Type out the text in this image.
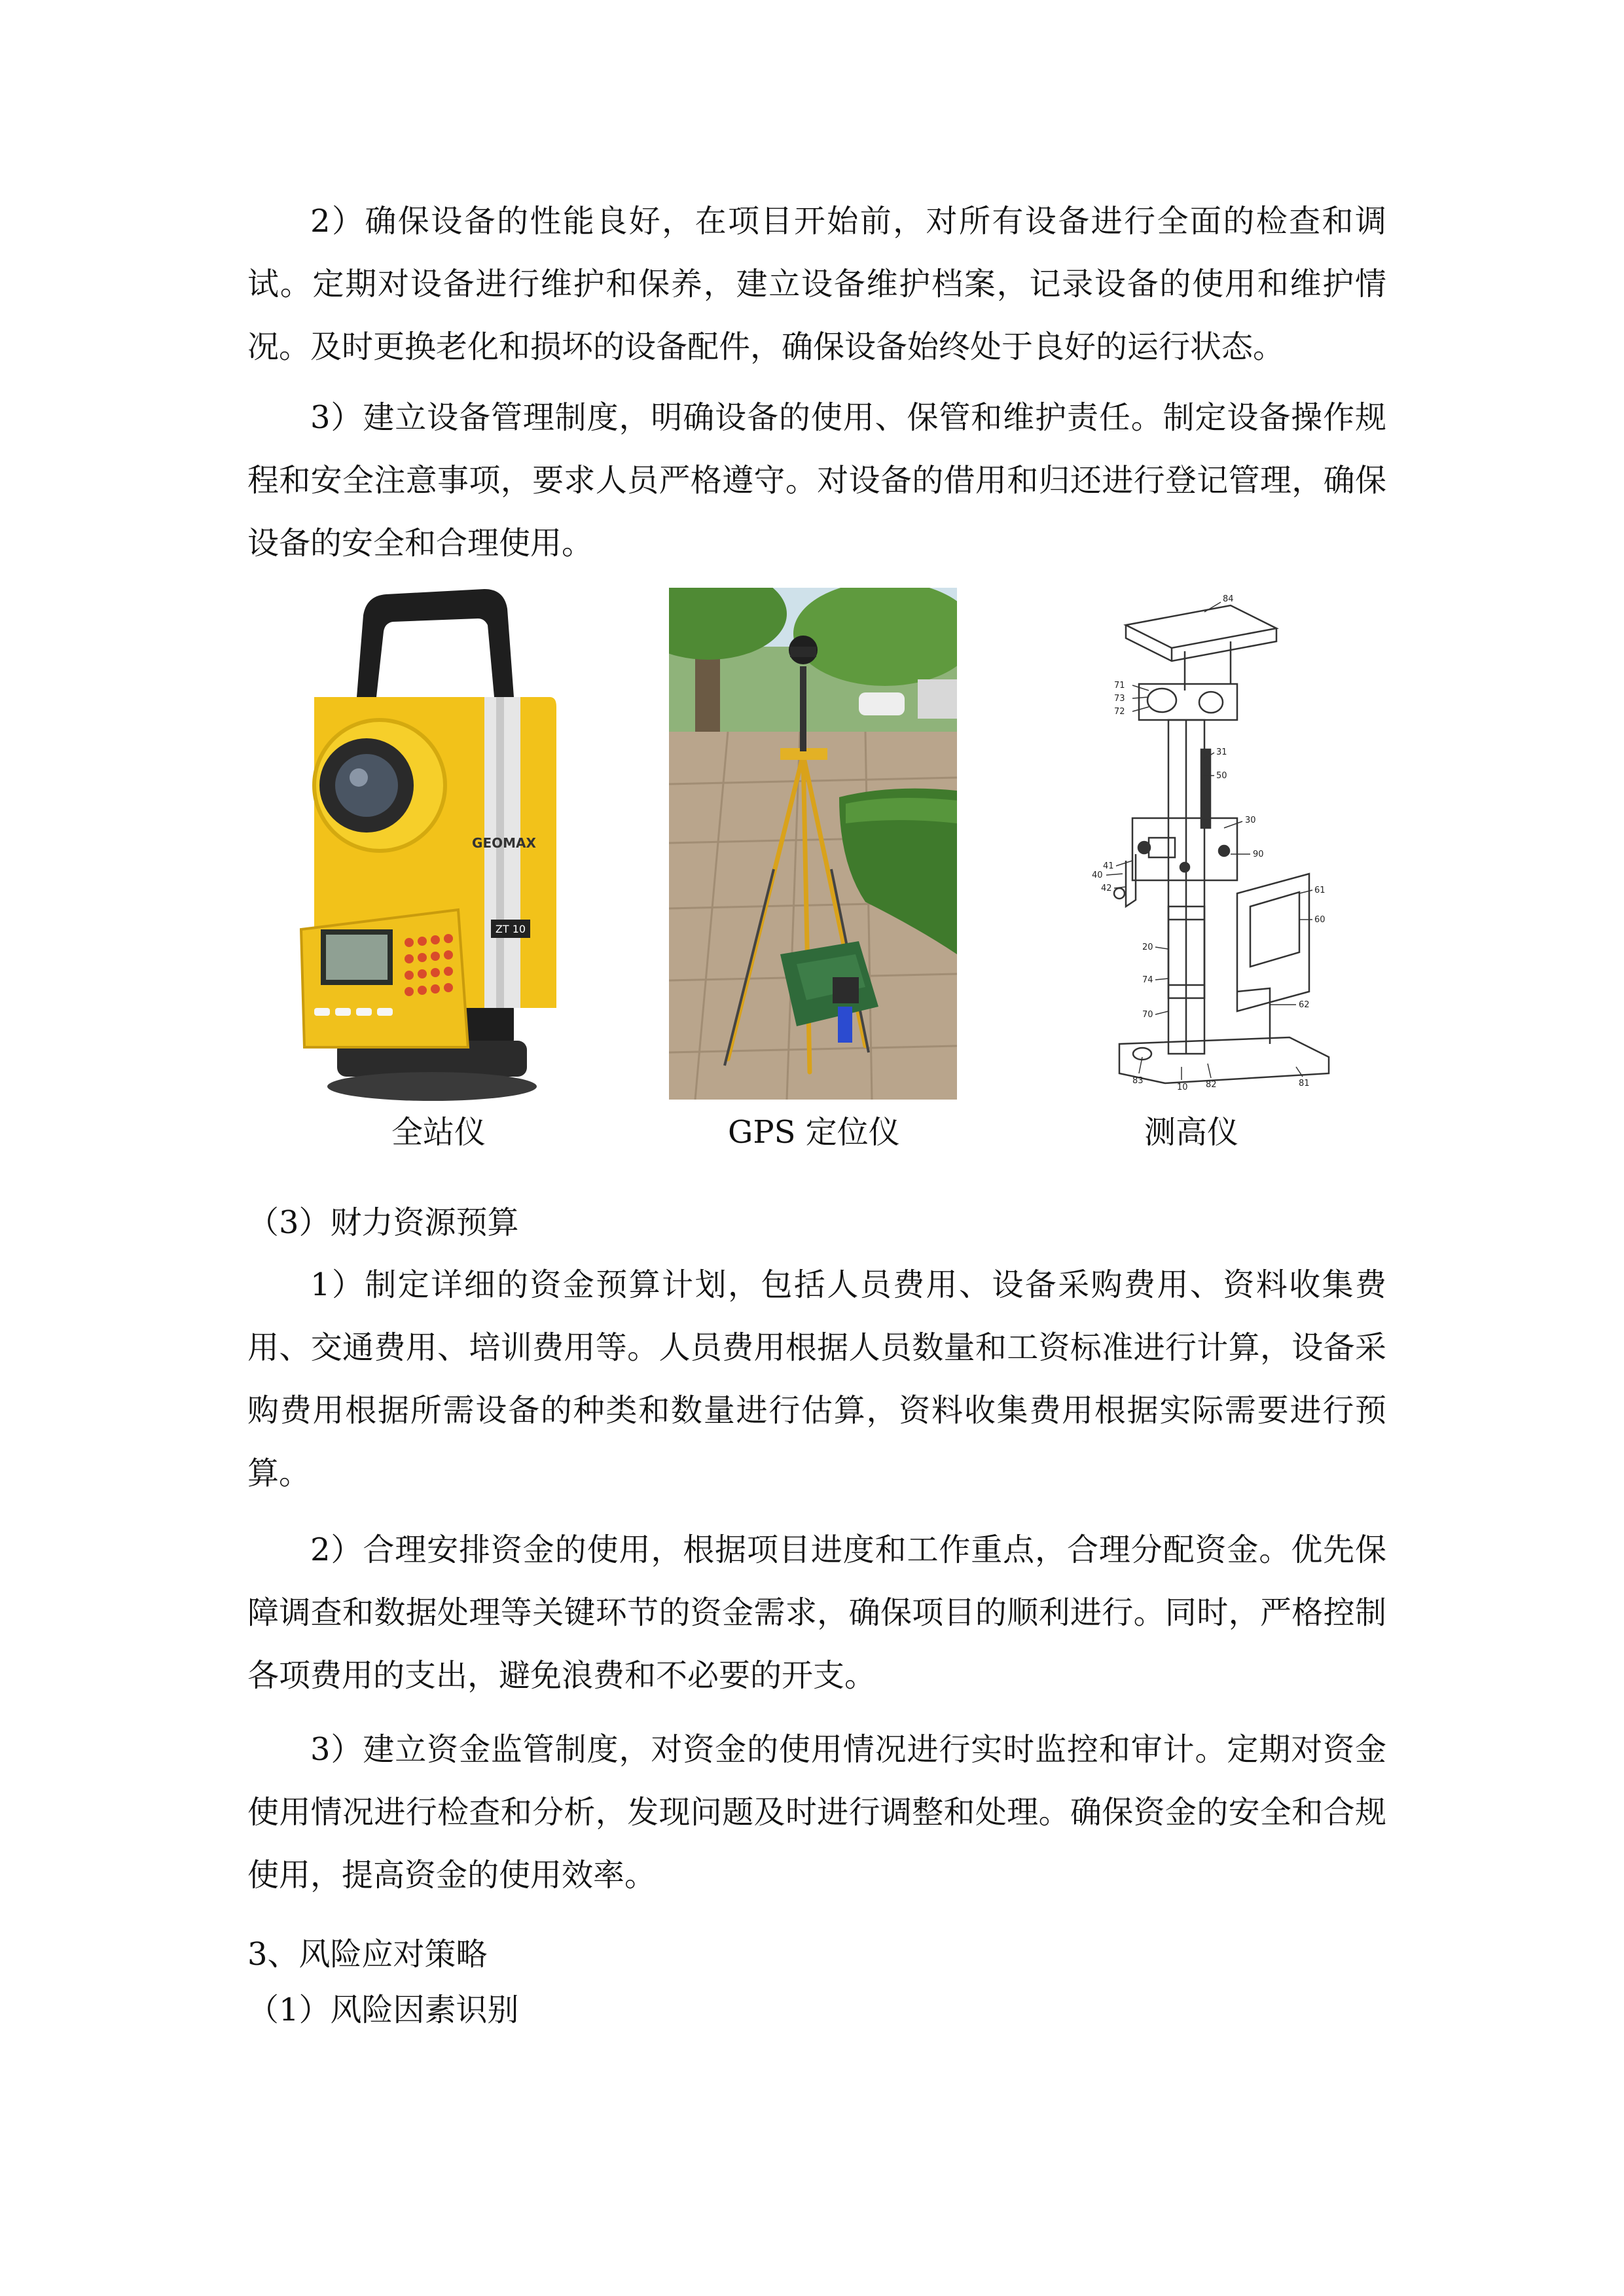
2）确保设备的性能良好，在项目开始前，对所有设备进行全面的检查和调试。定期对设备进行维护和保养，建立设备维护档案，记录设备的使用和维护情况。及时更换老化和损坏的设备配件，确保设备始终处于良好的运行状态。

3）建立设备管理制度，明确设备的使用、保管和维护责任。制定设备操作规程和安全注意事项，要求人员严格遵守。对设备的借用和归还进行登记管理，确保设备的安全和合理使用。

GEOMAX
ZT 10
全站仪	GPS 定位仪
84
71
73
72
31
50
30
90
41
40
42	61
60
20
74
62
70
83
10 82	81
测高仪
（3）财力资源预算

1）制定详细的资金预算计划，包括人员费用、设备采购费用、资料收集费用、交通费用、培训费用等。人员费用根据人员数量和工资标准进行计算，设备采购费用根据所需设备的种类和数量进行估算，资料收集费用根据实际需要进行预算。

2）合理安排资金的使用，根据项目进度和工作重点，合理分配资金。优先保障调查和数据处理等关键环节的资金需求，确保项目的顺利进行。同时，严格控制各项费用的支出，避免浪费和不必要的开支。

3）建立资金监管制度，对资金的使用情况进行实时监控和审计。定期对资金使用情况进行检查和分析，发现问题及时进行调整和处理。确保资金的安全和合规使用，提高资金的使用效率。

3、风险应对策略
（1）风险因素识别
